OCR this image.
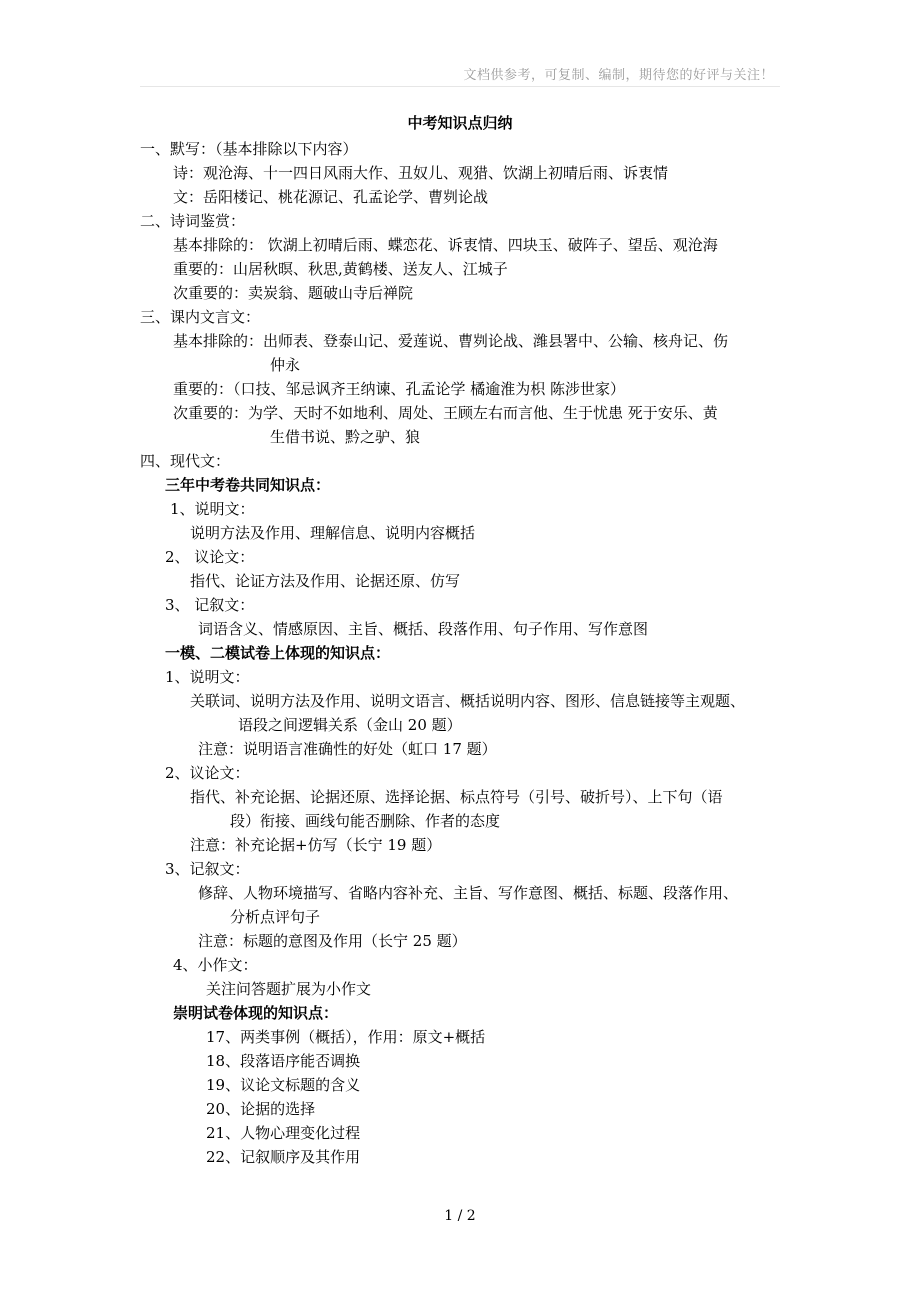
文档供参考，可复制、编制，期待您的好评与关注！
中考知识点归纳
一、默写：（基本排除以下内容）
诗：观沧海、十一四日风雨大作、丑奴儿、观猎、饮湖上初晴后雨、诉衷情
文：岳阳楼记、桃花源记、孔孟论学、曹刿论战
二、诗词鉴赏：
基本排除的： 饮湖上初晴后雨、蝶恋花、诉衷情、四块玉、破阵子、望岳、观沧海
重要的：山居秋暝、秋思,黄鹤楼、送友人、江城子
次重要的：卖炭翁、题破山寺后禅院
三、课内文言文：
基本排除的：出师表、登泰山记、爱莲说、曹刿论战、潍县署中、公输、核舟记、伤
仲永
重要的：（口技、邹忌讽齐王纳谏、孔孟论学 橘逾淮为枳 陈涉世家）
次重要的：为学、天时不如地利、周处、王顾左右而言他、生于忧患 死于安乐、黄
生借书说、黔之驴、狼
四、现代文：
三年中考卷共同知识点：
1、说明文：
说明方法及作用、理解信息、说明内容概括
2、 议论文：
指代、论证方法及作用、论据还原、仿写
3、 记叙文：
词语含义、情感原因、主旨、概括、段落作用、句子作用、写作意图
一模、二模试卷上体现的知识点：
1、说明文：
关联词、说明方法及作用、说明文语言、概括说明内容、图形、信息链接等主观题、
语段之间逻辑关系（金山 20 题）
注意：说明语言准确性的好处（虹口 17 题）
2、议论文：
指代、补充论据、论据还原、选择论据、标点符号（引号、破折号）、上下句（语
段）衔接、画线句能否删除、作者的态度
注意：补充论据+仿写（长宁 19 题）
3、记叙文：
修辞、人物环境描写、省略内容补充、主旨、写作意图、概括、标题、段落作用、
分析点评句子
注意：标题的意图及作用（长宁 25 题）
4、小作文：
关注问答题扩展为小作文
崇明试卷体现的知识点：
17、两类事例（概括），作用：原文+概括
18、段落语序能否调换
19、议论文标题的含义
20、论据的选择
21、人物心理变化过程
22、记叙顺序及其作用
1 / 2
